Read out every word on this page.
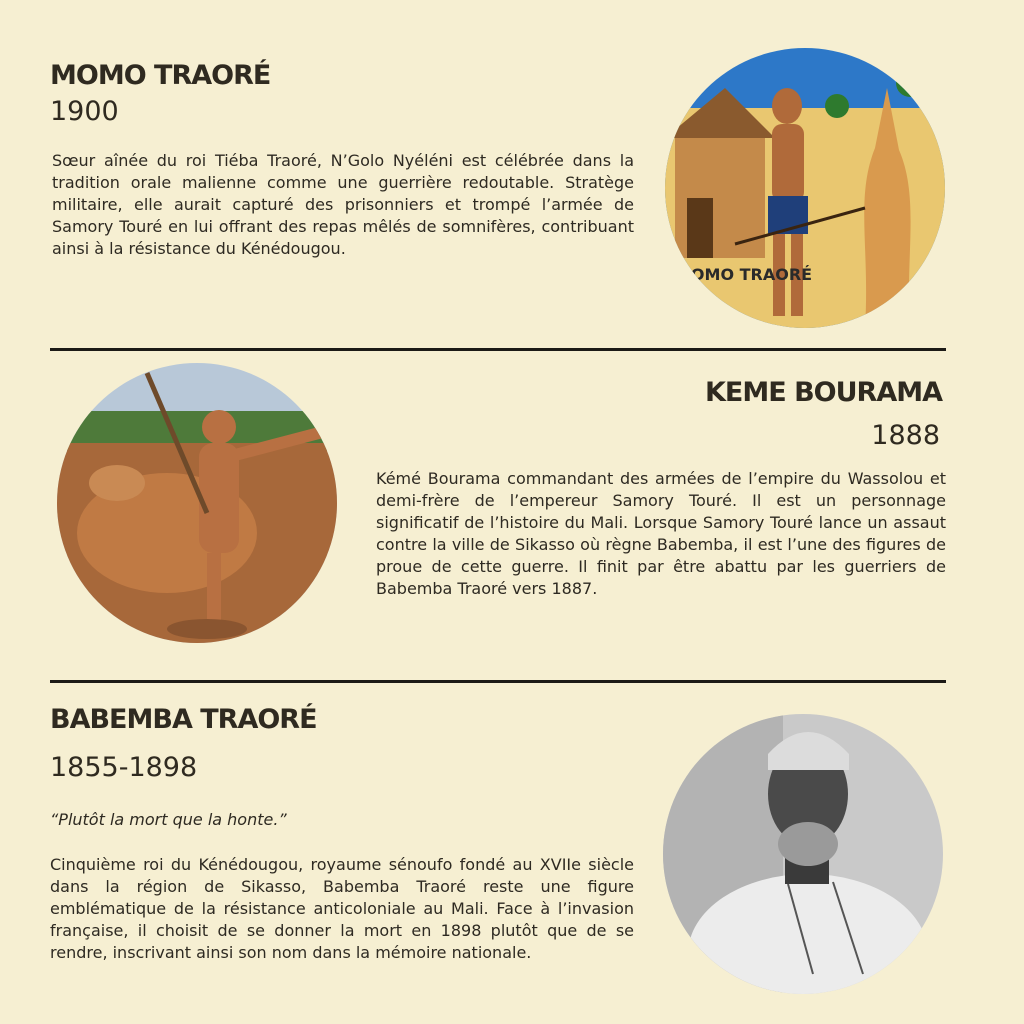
MOMO TRAORÉ
1900

Sœur aînée du roi Tiéba Traoré, N’Golo Nyéléni est célébrée dans la tradition orale malienne comme une guerrière redoutable. Stratège militaire, elle aurait capturé des prisonniers et trompé l’armée de Samory Touré en lui offrant des repas mêlés de somnifères, contribuant ainsi à la résistance du Kénédougou.

MOMO TRAORÉ
KEME BOURAMA
1888

Kémé Bourama commandant des armées de l’empire du Wassolou et demi-frère de l’empereur Samory Touré. Il est un personnage significatif de l’histoire du Mali. Lorsque Samory Touré lance un assaut contre la ville de Sikasso où règne Babemba, il est l’une des figures de proue de cette guerre. Il finit par être abattu par les guerriers de Babemba Traoré vers 1887.

BABEMBA TRAORÉ
1855-1898
“Plutôt la mort que la honte.”

Cinquième roi du Kénédougou, royaume sénoufo fondé au XVIIe siècle dans la région de Sikasso, Babemba Traoré reste une figure emblématique de la résistance anticoloniale au Mali. Face à l’invasion française, il choisit de se donner la mort en 1898 plutôt que de se rendre, inscrivant ainsi son nom dans la mémoire nationale.
